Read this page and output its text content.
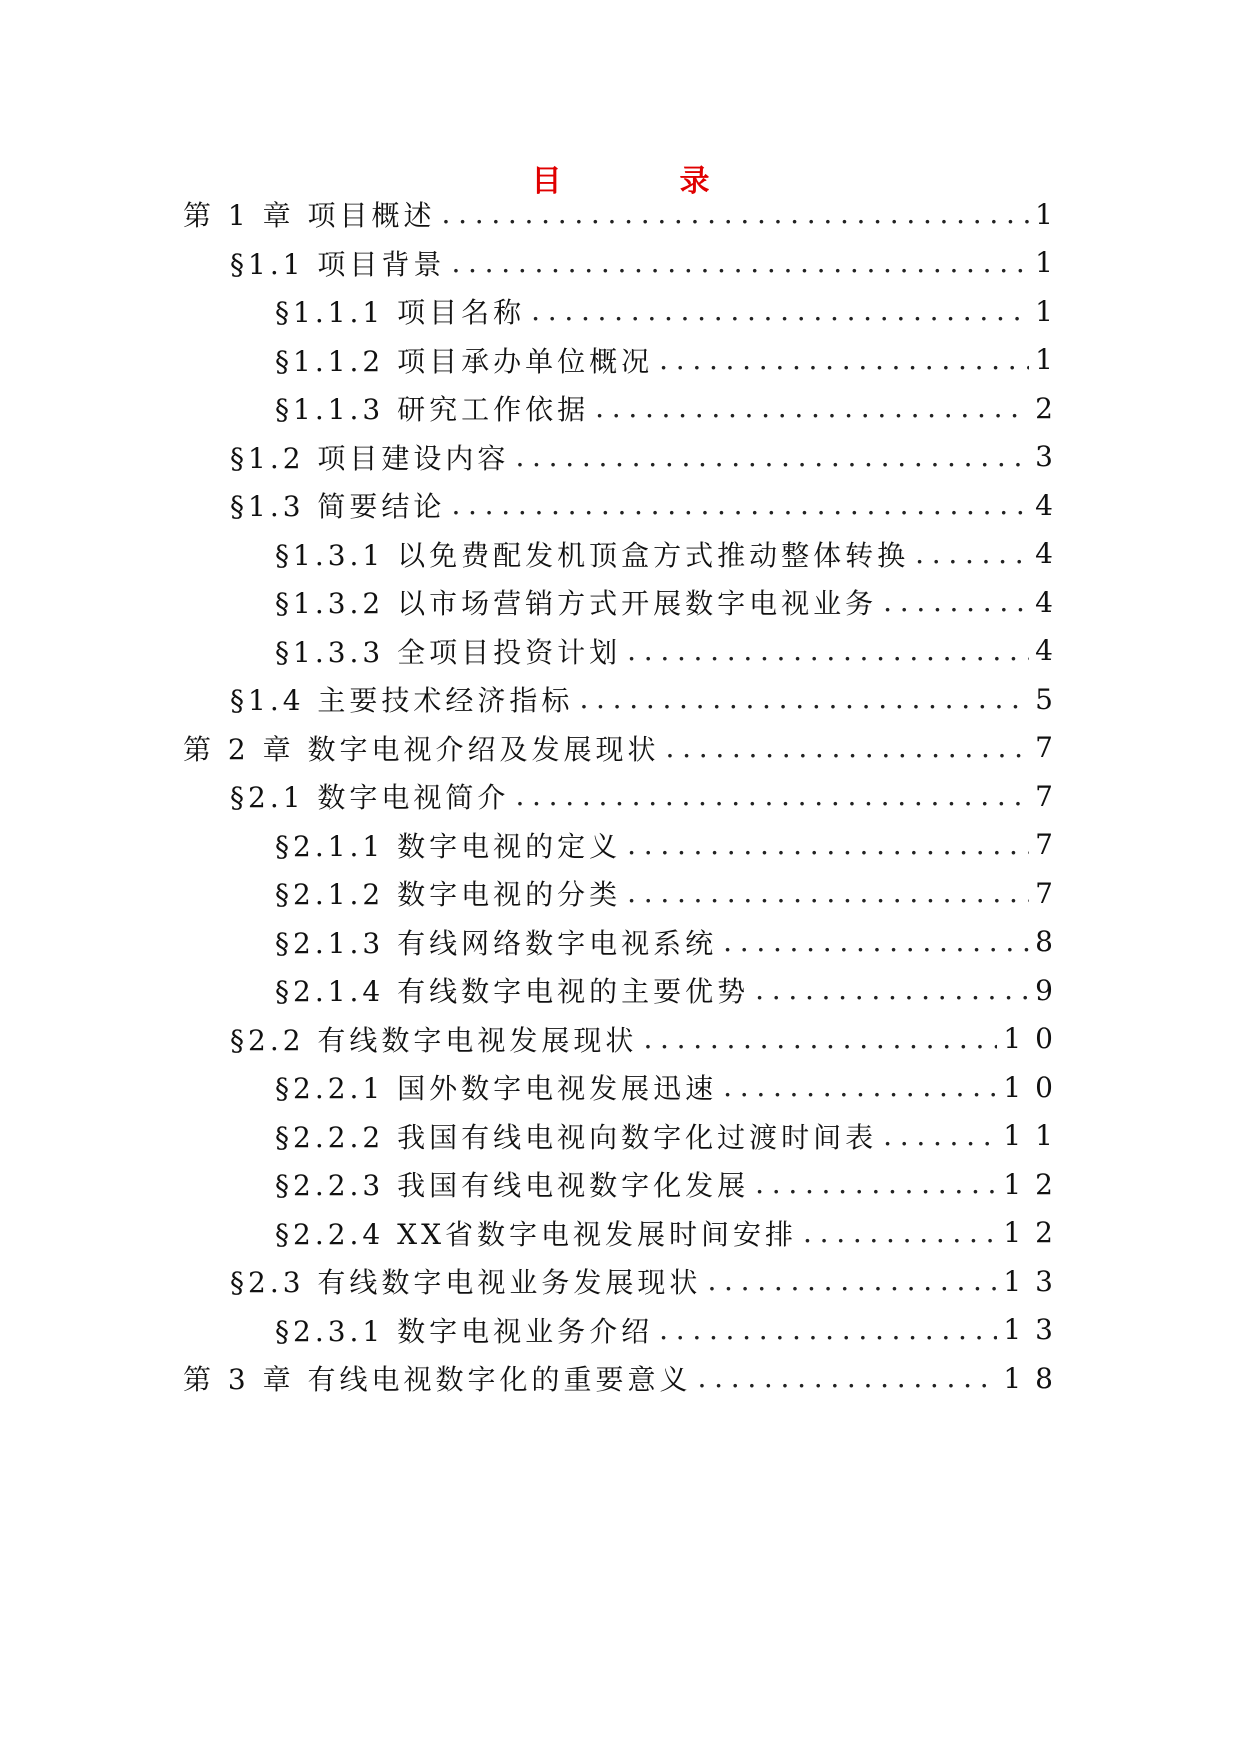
目录
第 1 章 项目概述 .....	1
§1.1 项目背景 .....	1
§1.1.1 项目名称 .....	1
§1.1.2 项目承办单位概况 .....	1
§1.1.3 研究工作依据 .....	2
§1.2 项目建设内容 .....	3
§1.3 简要结论 .....	4
§1.3.1 以免费配发机顶盒方式推动整体转换 .....	4
§1.3.2 以市场营销方式开展数字电视业务 .....	4
§1.3.3 全项目投资计划 .....	4
§1.4 主要技术经济指标 .....	5
第 2 章 数字电视介绍及发展现状 .....	7
§2.1 数字电视简介 .....	7
§2.1.1 数字电视的定义 .....	7
§2.1.2 数字电视的分类 .....	7
§2.1.3 有线网络数字电视系统 .....	8
§2.1.4 有线数字电视的主要优势 .....	9
§2.2 有线数字电视发展现状 .....	10
§2.2.1 国外数字电视发展迅速 .....	10
§2.2.2 我国有线电视向数字化过渡时间表 .....	11
§2.2.3 我国有线电视数字化发展 .....	12
§2.2.4 XX省数字电视发展时间安排 .....	12
§2.3 有线数字电视业务发展现状 .....	13
§2.3.1 数字电视业务介绍 .....	13
第 3 章 有线电视数字化的重要意义 .....	18
